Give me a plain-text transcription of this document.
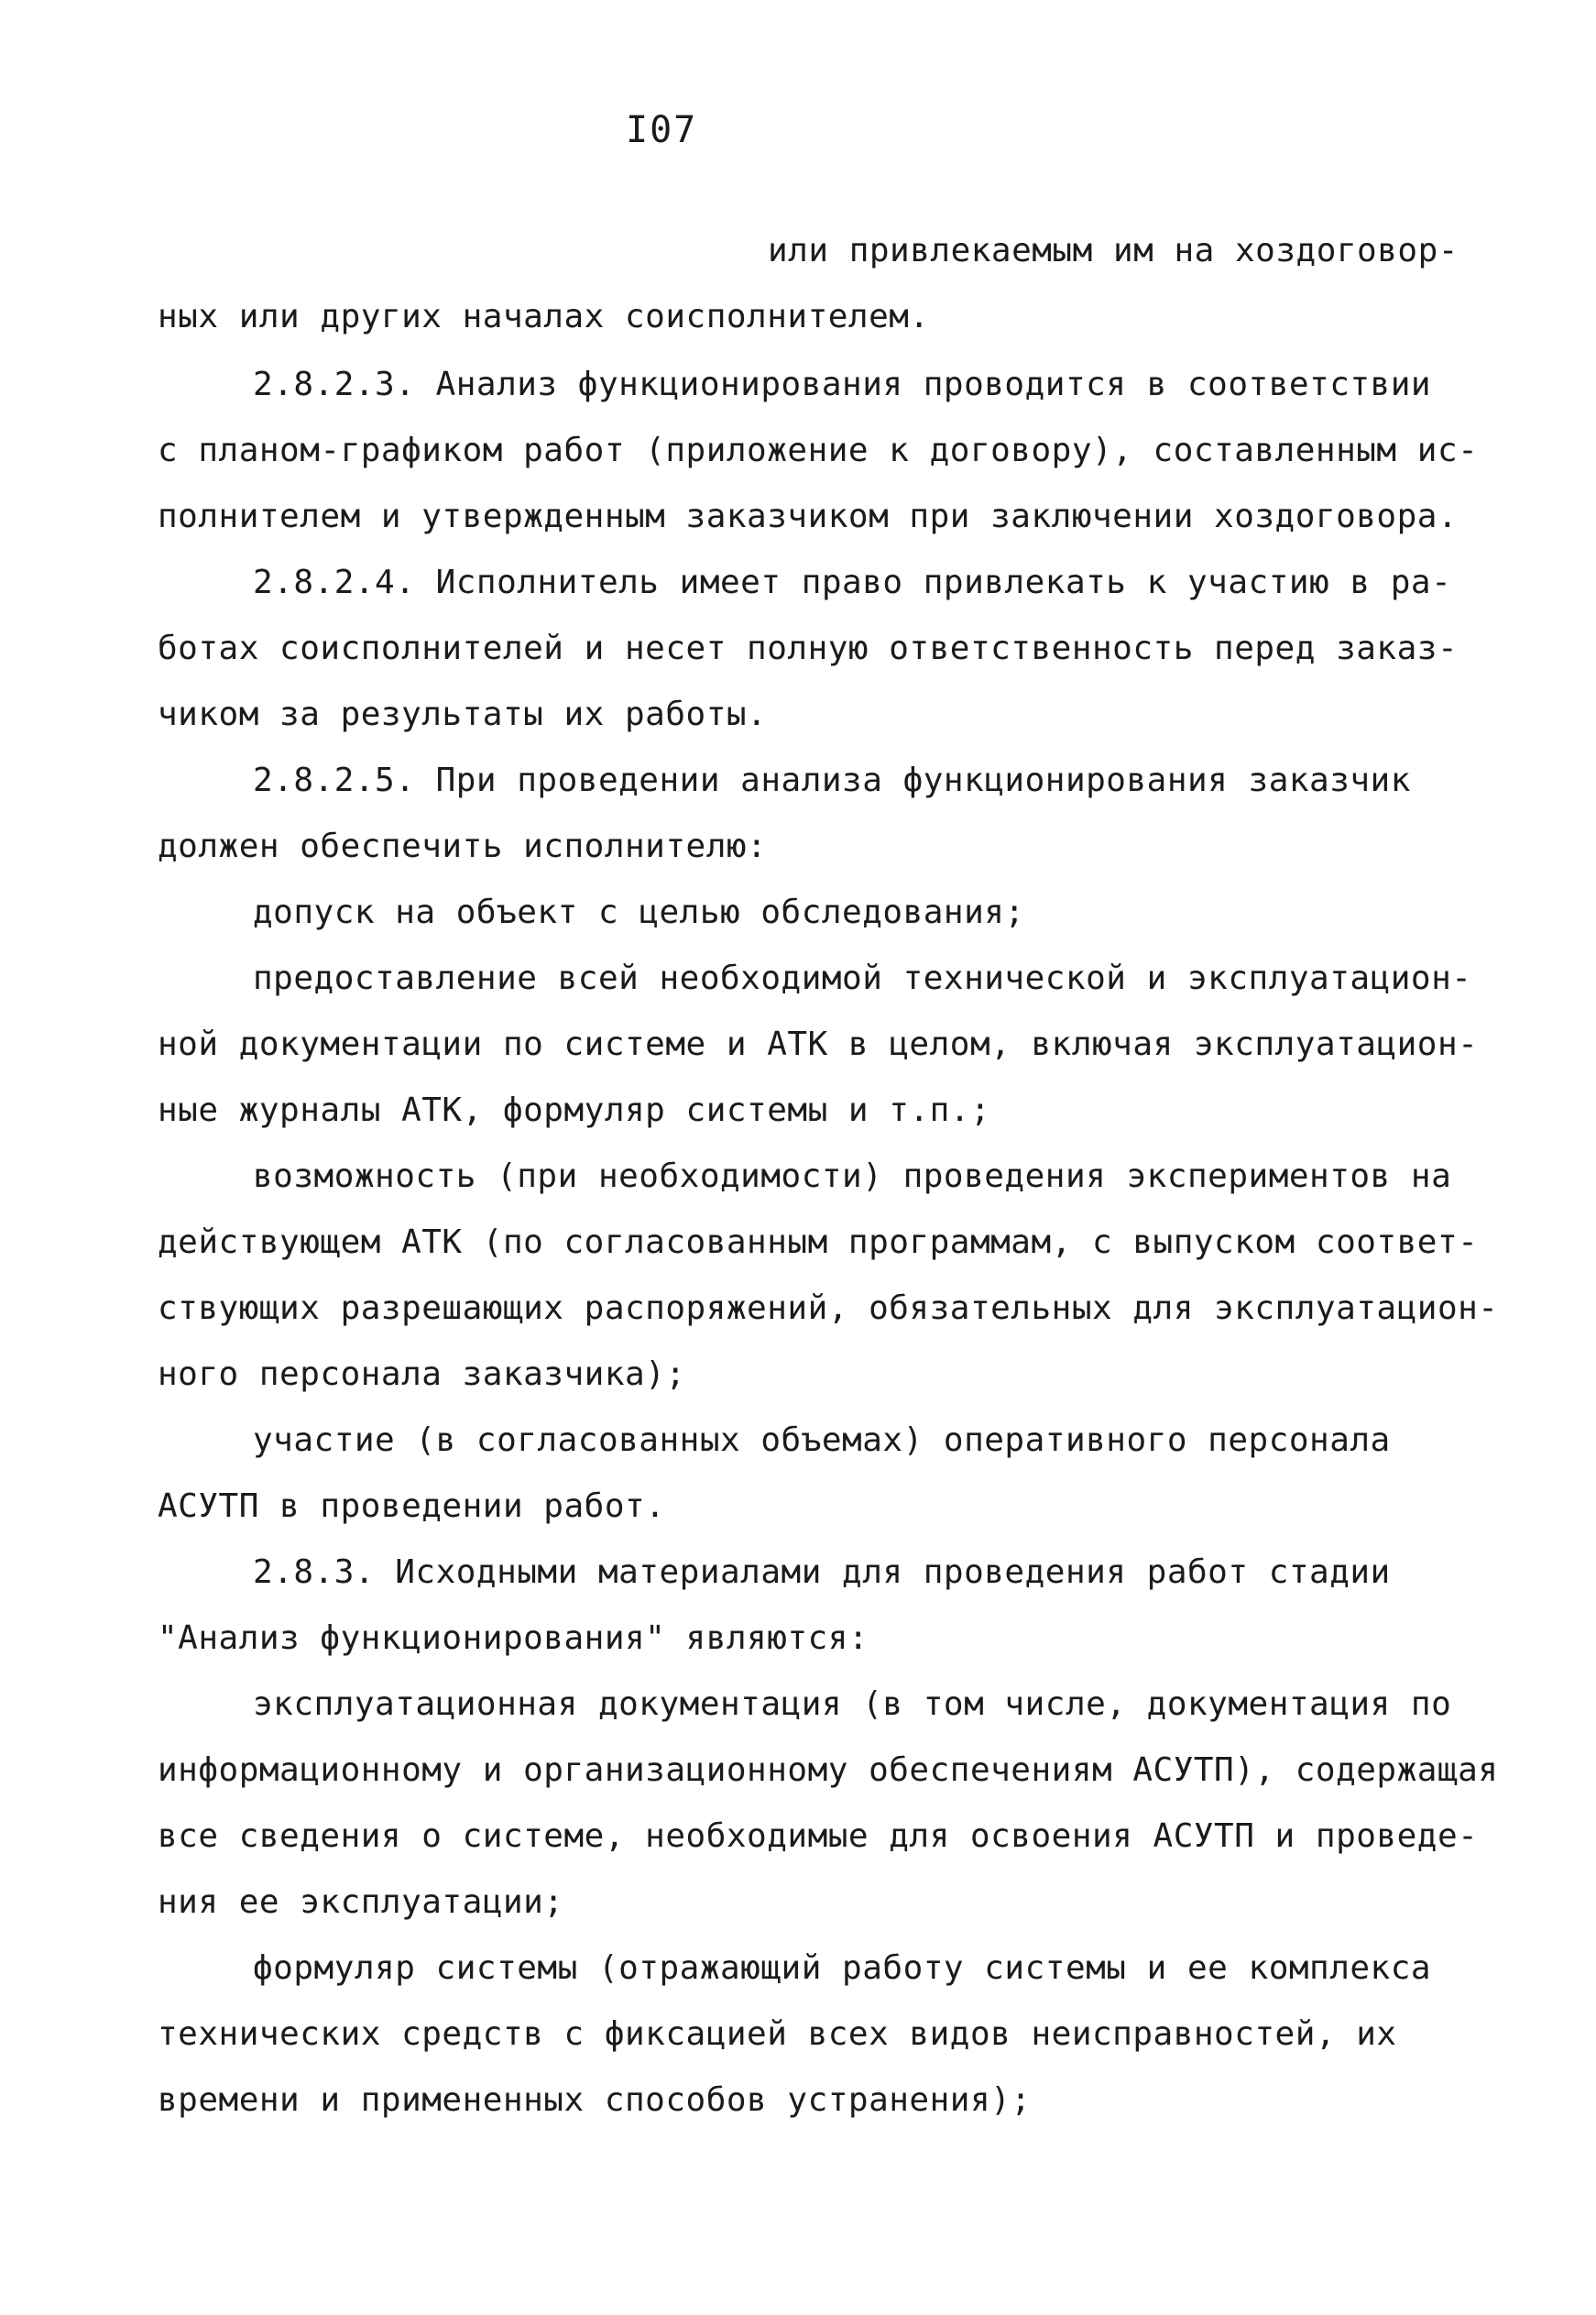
I07
или привлекаемым им на хоздоговор-
ных или других началах соисполнителем.
2.8.2.3. Анализ функционирования проводится в соответствии
с планом-графиком работ (приложение к договору), составленным ис-
полнителем и утвержденным заказчиком при заключении хоздоговора.
2.8.2.4. Исполнитель имеет право привлекать к участию в ра-
ботах соисполнителей и несет полную ответственность перед заказ-
чиком за результаты их работы.
2.8.2.5. При проведении анализа функционирования заказчик
должен обеспечить исполнителю:
допуск на объект с целью обследования;
предоставление всей необходимой технической и эксплуатацион-
ной документации по системе и АТК в целом, включая эксплуатацион-
ные журналы АТК, формуляр системы и т.п.;
возможность (при необходимости) проведения экспериментов на
действующем АТК (по согласованным программам, с выпуском соответ-
ствующих разрешающих распоряжений, обязательных для эксплуатацион-
ного персонала заказчика);
участие (в согласованных объемах) оперативного персонала
АСУТП в проведении работ.
2.8.3. Исходными материалами для проведения работ стадии
"Анализ функционирования" являются:
эксплуатационная документация (в том числе, документация по
информационному и организационному обеспечениям АСУТП), содержащая
все сведения о системе, необходимые для освоения АСУТП и проведе-
ния ее эксплуатации;
формуляр системы (отражающий работу системы и ее комплекса
технических средств с фиксацией всех видов неисправностей, их
времени и примененных способов устранения);
